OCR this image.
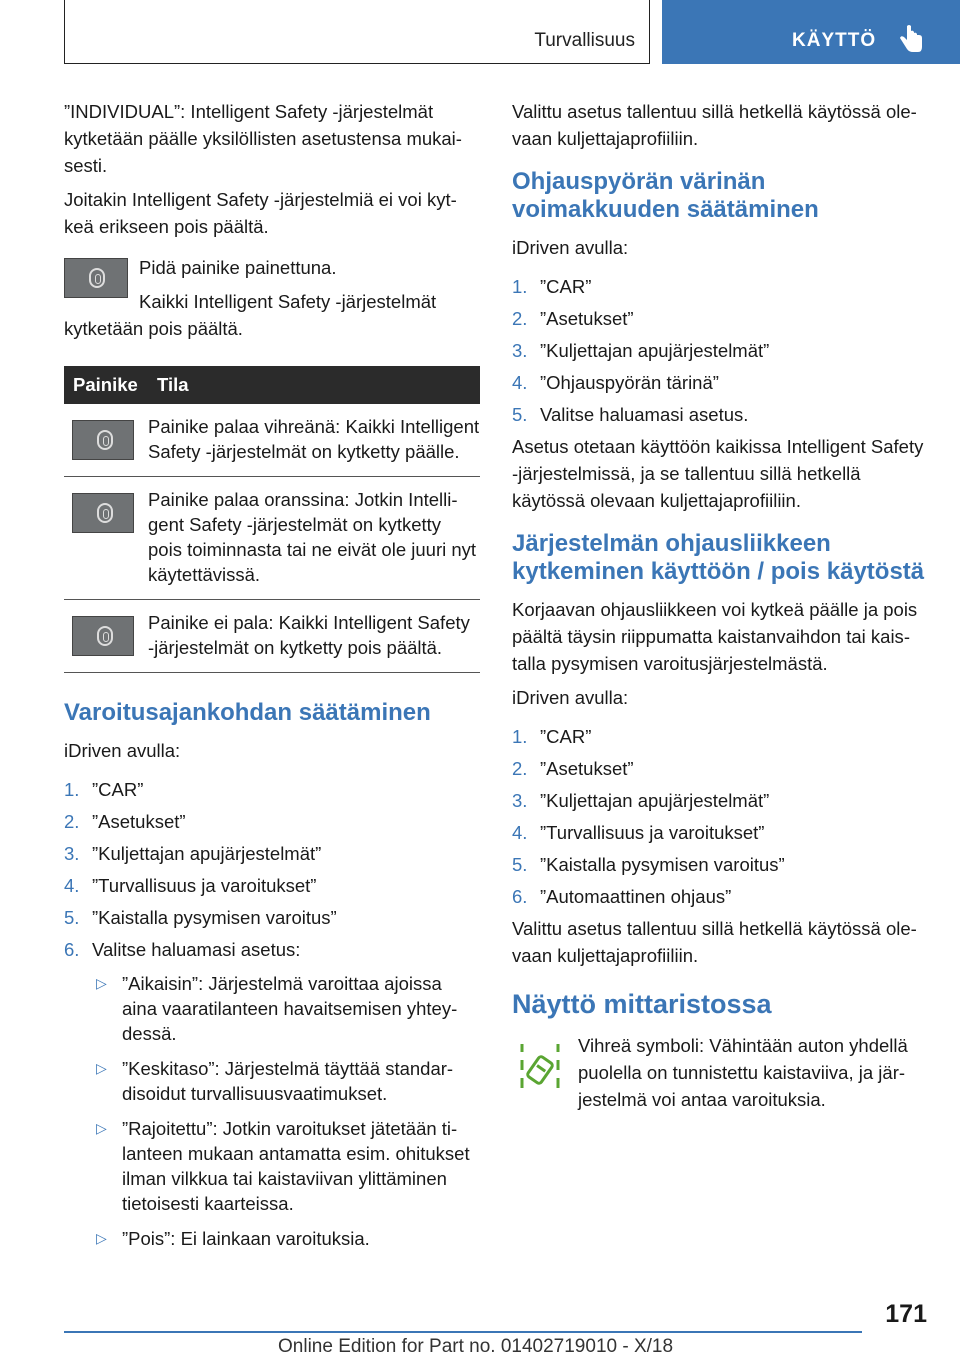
Turvallisuus	KÄYTTÖ

”INDIVIDUAL”: Intelligent Safety -järjestelmät kytketään päälle yksilöllisten asetustensa mukaisesti.

Joitakin Intelligent Safety -järjestelmiä ei voi kytkeä erikseen pois päältä.

Pidä painike painettuna.
Kaikki Intelligent Safety -järjestelmät kytketään pois päältä.
Painike	Tila

	Painike palaa vihreänä: Kaikki Intelligent Safety -järjestelmät on kytketty päälle.

	Painike palaa oranssina: Jotkin Intelligent Safety -järjestelmät on kytketty pois toiminnasta tai ne eivät ole juuri nyt käytettävissä.

	Painike ei pala: Kaikki Intelligent Safety -järjestelmät on kytketty pois päältä.
Varoitusajankohdan säätäminen

iDriven avulla:

1. ”CAR”
2. ”Asetukset”
3. ”Kuljettajan apujärjestelmät”
4. ”Turvallisuus ja varoitukset”
5. ”Kaistalla pysymisen varoitus”
6. Valitse haluamasi asetus:
▷ ”Aikaisin”: Järjestelmä varoittaa ajoissa aina vaaratilanteen havaitsemisen yhteydessä.
▷ ”Keskitaso”: Järjestelmä täyttää standardisoidut turvallisuusvaatimukset.
▷ ”Rajoitettu”: Jotkin varoitukset jätetään tilanteen mukaan antamatta esim. ohitukset ilman vilkkua tai kaistaviivan ylittäminen tietoisesti kaarteissa.
▷ ”Pois”: Ei lainkaan varoituksia.

Valittu asetus tallentuu sillä hetkellä käytössä olevaan kuljettajaprofiiliin.

Ohjauspyörän värinän voimakkuuden säätäminen

iDriven avulla:

1. ”CAR”
2. ”Asetukset”
3. ”Kuljettajan apujärjestelmät”
4. ”Ohjauspyörän tärinä”
5. Valitse haluamasi asetus.

Asetus otetaan käyttöön kaikissa Intelligent Safety -järjestelmissä, ja se tallentuu sillä hetkellä käytössä olevaan kuljettajaprofiiliin.

Järjestelmän ohjausliikkeen kytkeminen käyttöön / pois käytöstä

Korjaavan ohjausliikkeen voi kytkeä päälle ja pois päältä täysin riippumatta kaistanvaihdon tai kaistalla pysymisen varoitusjärjestelmästä.

iDriven avulla:

1. ”CAR”
2. ”Asetukset”
3. ”Kuljettajan apujärjestelmät”
4. ”Turvallisuus ja varoitukset”
5. ”Kaistalla pysymisen varoitus”
6. ”Automaattinen ohjaus”

Valittu asetus tallentuu sillä hetkellä käytössä olevaan kuljettajaprofiiliin.

Näyttö mittaristossa
Vihreä symboli: Vähintään auton yhdellä puolella on tunnistettu kaistaviiva, ja järjestelmä voi antaa varoituksia.
171
Online Edition for Part no. 01402719010 - X/18
